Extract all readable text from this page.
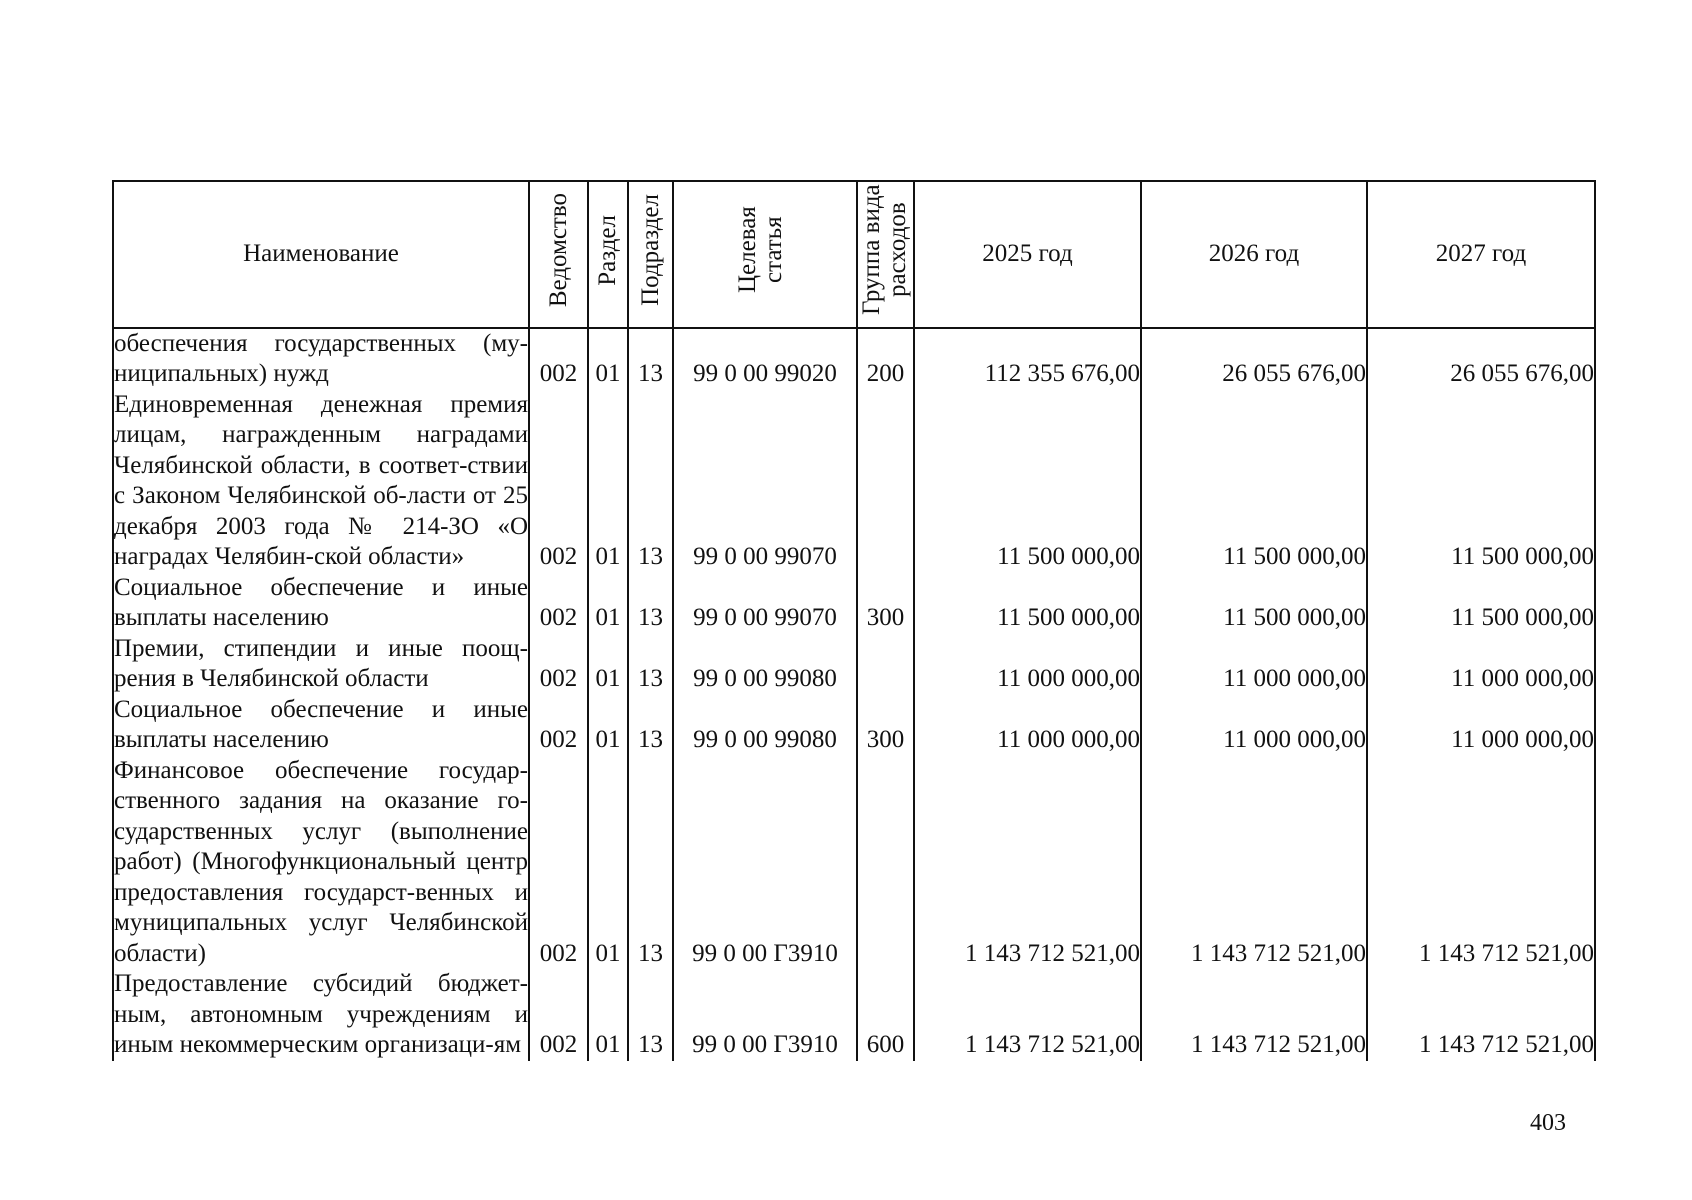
Наименование	Ведомство	Раздел	Подраздел	Целевая статья	Группа вида расходов	2025 год	2026 год	2027 год
обеспечения государственных (му-ниципальных) нужд	002	01	13	99 0 00 99020	200	112 355 676,00	26 055 676,00	26 055 676,00
Единовременная денежная премия лицам, награжденным наградами Челябинской области, в соответ-ствии с Законом Челябинской об-ласти от 25 декабря 2003 года № 214-ЗО «О наградах Челябин-ской области»	002	01	13	99 0 00 99070		11 500 000,00	11 500 000,00	11 500 000,00
Социальное обеспечение и иные выплаты населению	002	01	13	99 0 00 99070	300	11 500 000,00	11 500 000,00	11 500 000,00
Премии, стипендии и иные поощ-рения в Челябинской области	002	01	13	99 0 00 99080		11 000 000,00	11 000 000,00	11 000 000,00
Социальное обеспечение и иные выплаты населению	002	01	13	99 0 00 99080	300	11 000 000,00	11 000 000,00	11 000 000,00
Финансовое обеспечение государ-ственного задания на оказание го-сударственных услуг (выполнение работ) (Многофункциональный центр предоставления государст-венных и муниципальных услуг Челябинской области)	002	01	13	99 0 00 Г3910		1 143 712 521,00	1 143 712 521,00	1 143 712 521,00
Предоставление субсидий бюджет-ным, автономным учреждениям и иным некоммерческим организаци-ям	002	01	13	99 0 00 Г3910	600	1 143 712 521,00	1 143 712 521,00	1 143 712 521,00
403
